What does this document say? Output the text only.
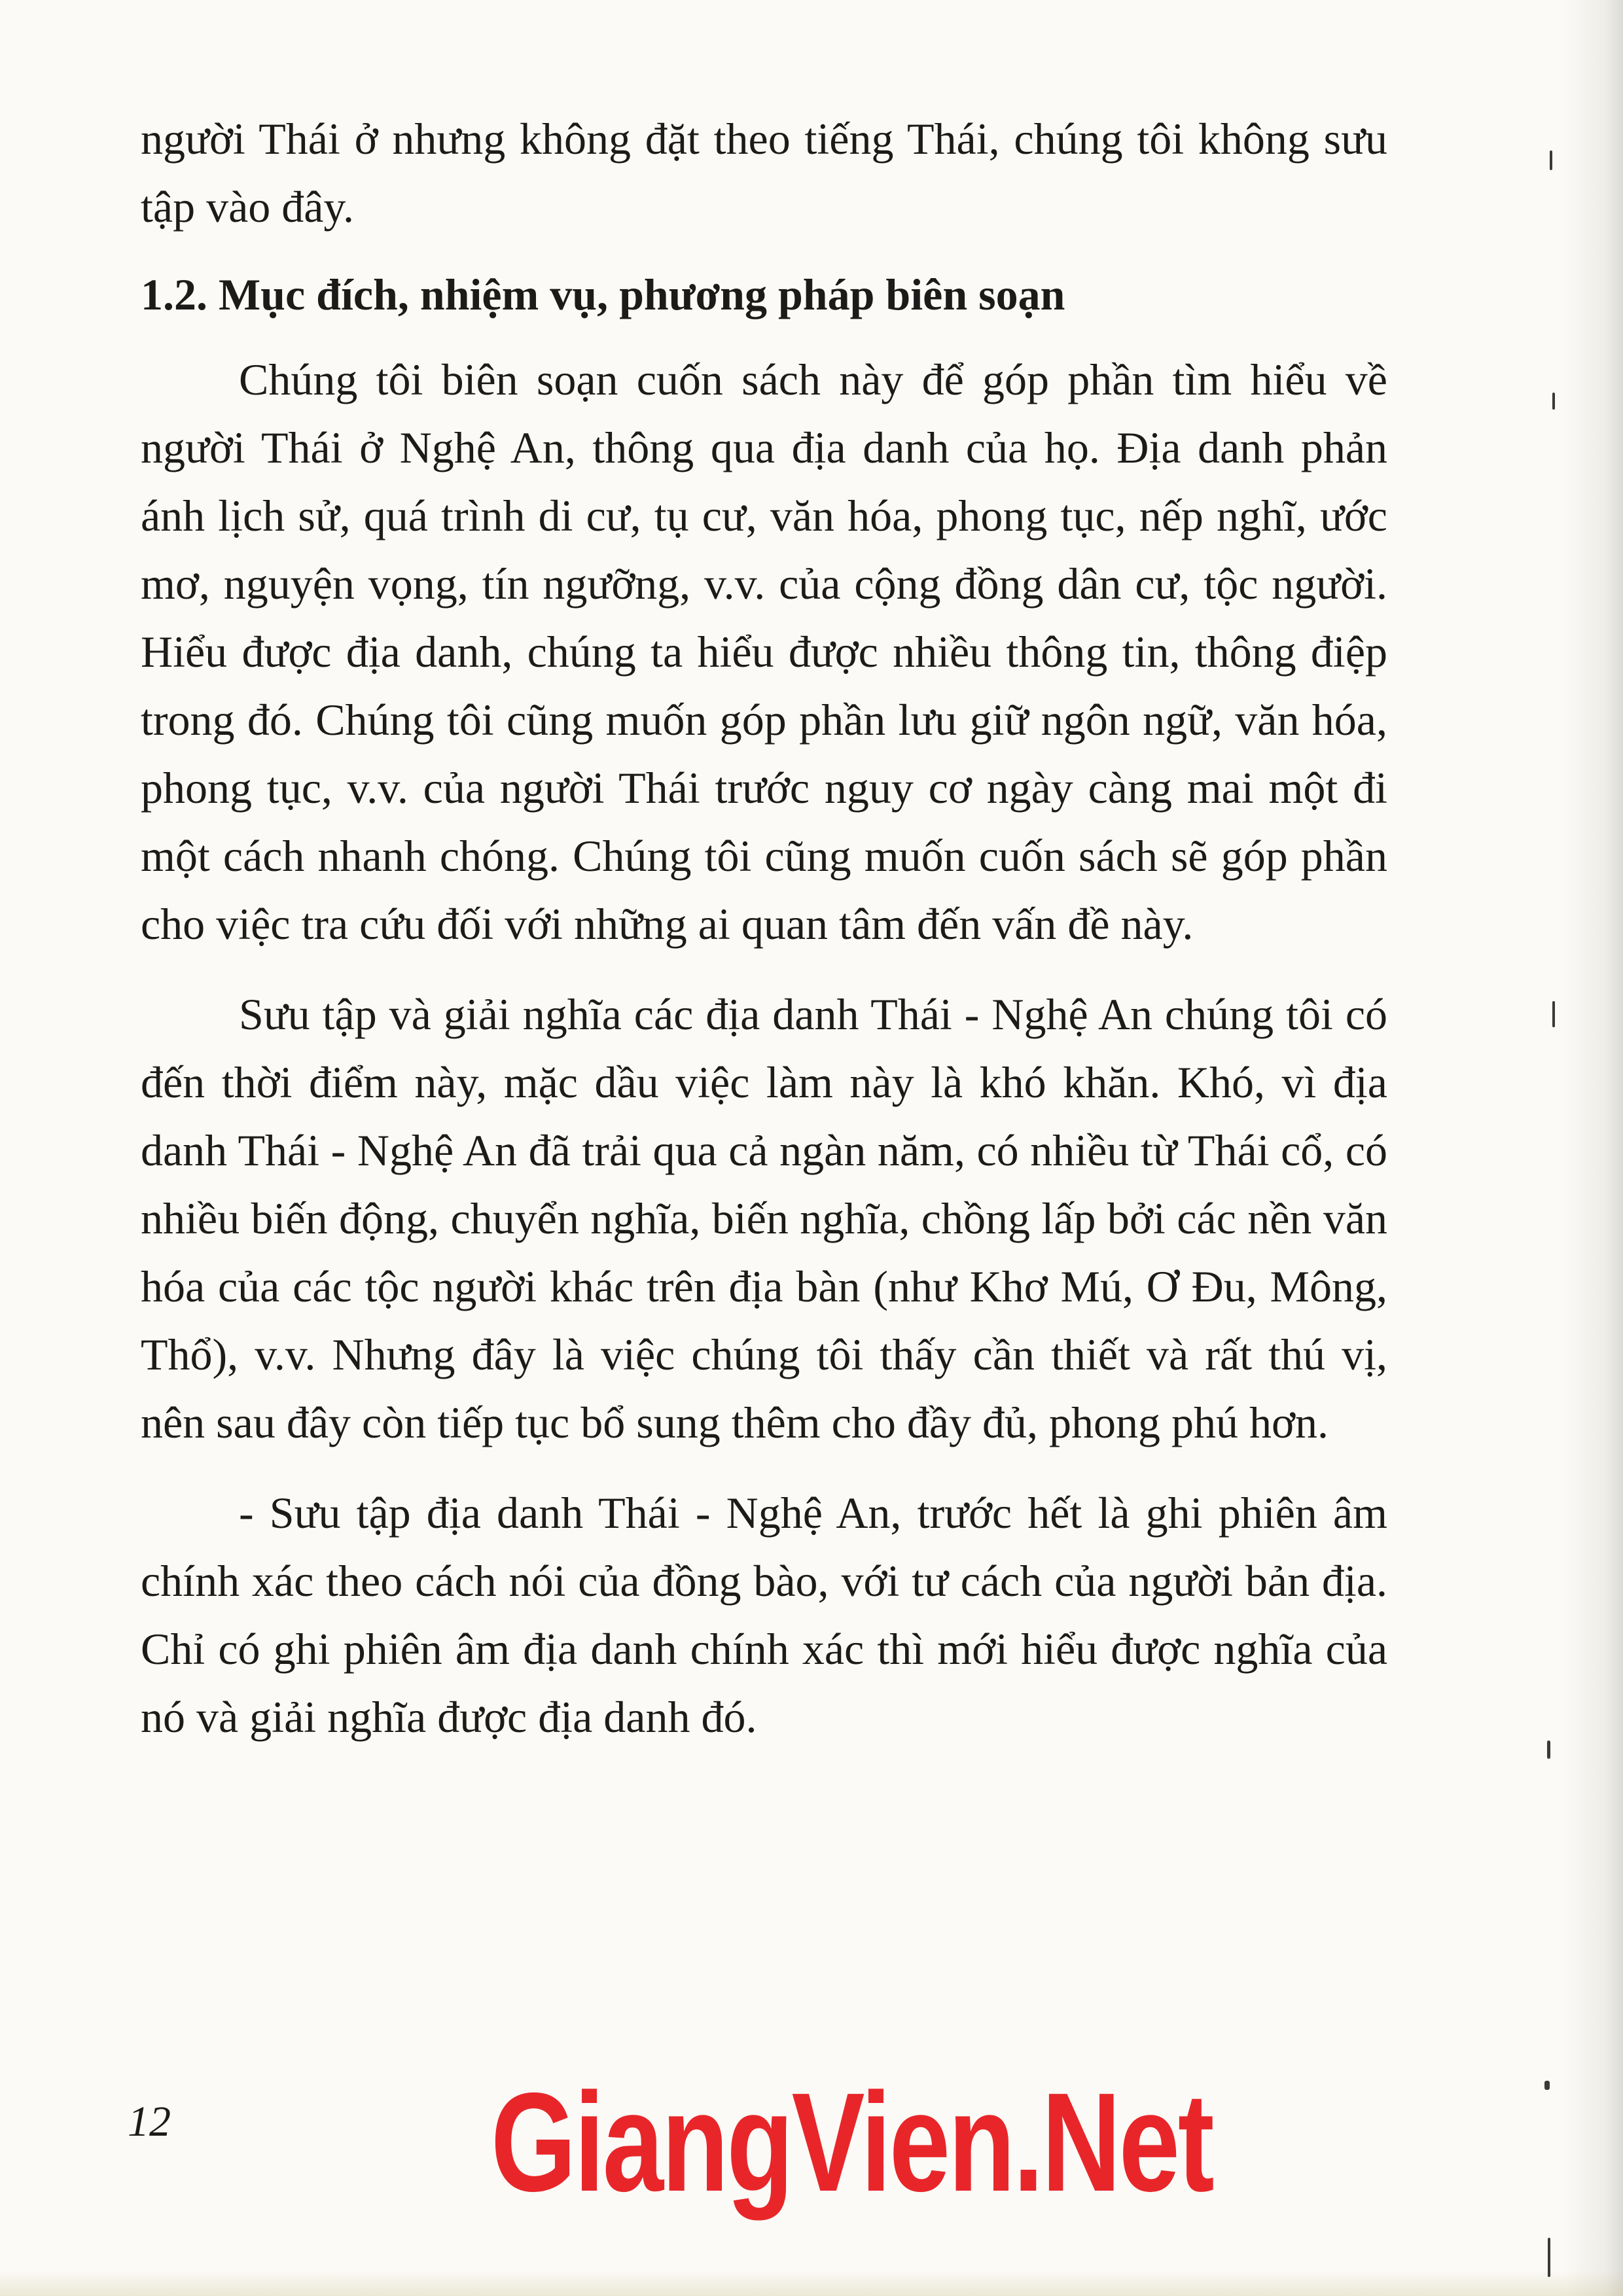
người Thái ở nhưng không đặt theo tiếng Thái, chúng tôi không sưu tập vào đây.

1.2. Mục đích, nhiệm vụ, phương pháp biên soạn

Chúng tôi biên soạn cuốn sách này để góp phần tìm hiểu về người Thái ở Nghệ An, thông qua địa danh của họ. Địa danh phản ánh lịch sử, quá trình di cư, tụ cư, văn hóa, phong tục, nếp nghĩ, ước mơ, nguyện vọng, tín ngưỡng, v.v. của cộng đồng dân cư, tộc người. Hiểu được địa danh, chúng ta hiểu được nhiều thông tin, thông điệp trong đó. Chúng tôi cũng muốn góp phần lưu giữ ngôn ngữ, văn hóa, phong tục, v.v. của người Thái trước nguy cơ ngày càng mai một đi một cách nhanh chóng. Chúng tôi cũng muốn cuốn sách sẽ góp phần cho việc tra cứu đối với những ai quan tâm đến vấn đề này.

Sưu tập và giải nghĩa các địa danh Thái - Nghệ An chúng tôi có đến thời điểm này, mặc dầu việc làm này là khó khăn. Khó, vì địa danh Thái - Nghệ An đã trải qua cả ngàn năm, có nhiều từ Thái cổ, có nhiều biến động, chuyển nghĩa, biến nghĩa, chồng lấp bởi các nền văn hóa của các tộc người khác trên địa bàn (như Khơ Mú, Ơ Đu, Mông, Thổ), v.v. Nhưng đây là việc chúng tôi thấy cần thiết và rất thú vị, nên sau đây còn tiếp tục bổ sung thêm cho đầy đủ, phong phú hơn.

- Sưu tập địa danh Thái - Nghệ An, trước hết là ghi phiên âm chính xác theo cách nói của đồng bào, với tư cách của người bản địa. Chỉ có ghi phiên âm địa danh chính xác thì mới hiểu được nghĩa của nó và giải nghĩa được địa danh đó.

12 GiangVien.Net
